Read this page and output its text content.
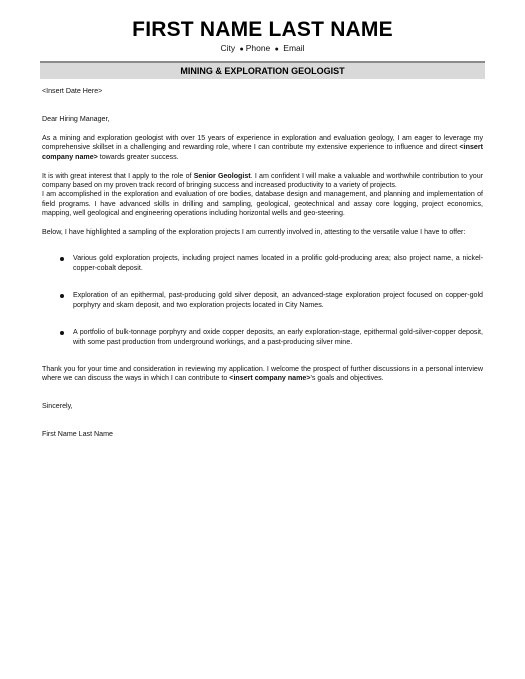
FIRST NAME LAST NAME
City ● Phone ● Email
MINING & EXPLORATION GEOLOGIST

<Insert Date Here>

Dear Hiring Manager,

As a mining and exploration geologist with over 15 years of experience in exploration and evaluation geology, I am eager to leverage my comprehensive skillset in a challenging and rewarding role, where I can contribute my extensive experience to influence and direct <insert company name> towards greater success.

It is with great interest that I apply to the role of Senior Geologist. I am confident I will make a valuable and worthwhile contribution to your company based on my proven track record of bringing success and increased productivity to a variety of projects.

I am accomplished in the exploration and evaluation of ore bodies, database design and management, and planning and implementation of field programs. I have advanced skills in drilling and sampling, geological, geotechnical and assay core logging, project economics, mapping, well geological and engineering operations including horizontal wells and geo-steering.

Below, I have highlighted a sampling of the exploration projects I am currently involved in, attesting to the versatile value I have to offer:

Various gold exploration projects, including project names located in a prolific gold-producing area; also project name, a nickel-copper-cobalt deposit.
Exploration of an epithermal, past-producing gold silver deposit, an advanced-stage exploration project focused on copper-gold porphyry and skarn deposit, and two exploration projects located in City Names.
A portfolio of bulk-tonnage porphyry and oxide copper deposits, an early exploration-stage, epithermal gold-silver-copper deposit, with some past production from underground workings, and a past-producing silver mine.

Thank you for your time and consideration in reviewing my application. I welcome the prospect of further discussions in a personal interview where we can discuss the ways in which I can contribute to <insert company name>'s goals and objectives.

Sincerely,

First Name Last Name
